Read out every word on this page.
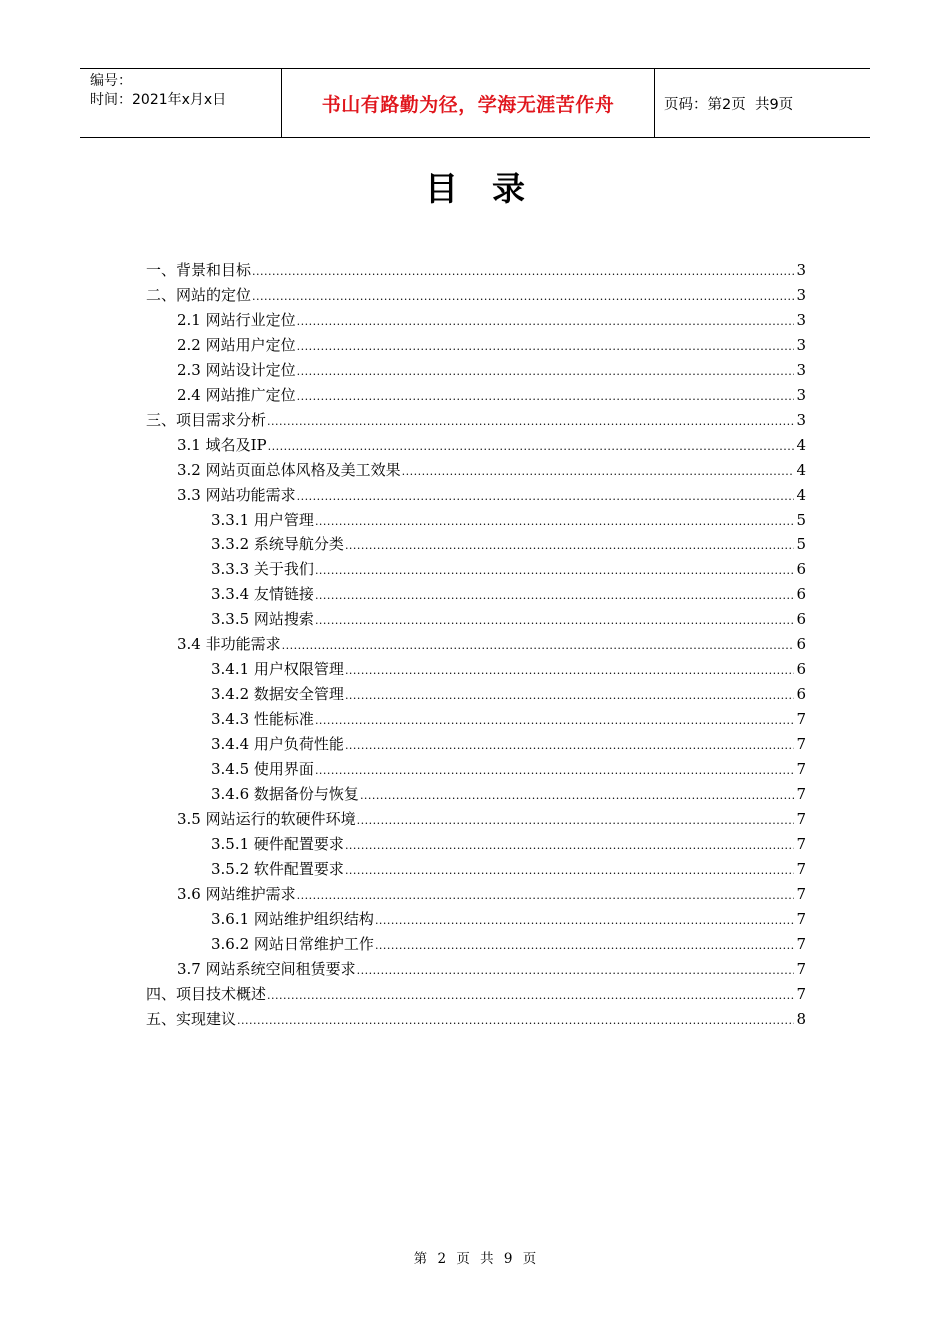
编号：
时间：2021年x月x日	书山有路勤为径，学海无涯苦作舟	页码：第2页  共9页
目 录
一、背景和目标 .....	3
二、网站的定位 .....	3
2.1 网站行业定位 .....	3
2.2 网站用户定位 .....	3
2.3 网站设计定位 .....	3
2.4 网站推广定位 .....	3
三、项目需求分析 .....	3
3.1 域名及IP .....	4
3.2 网站页面总体风格及美工效果 .....	4
3.3 网站功能需求 .....	4
3.3.1 用户管理 .....	5
3.3.2 系统导航分类 .....	5
3.3.3 关于我们 .....	6
3.3.4 友情链接 .....	6
3.3.5 网站搜索 .....	6
3.4 非功能需求 .....	6
3.4.1 用户权限管理 .....	6
3.4.2 数据安全管理 .....	6
3.4.3 性能标准 .....	7
3.4.4 用户负荷性能 .....	7
3.4.5 使用界面 .....	7
3.4.6 数据备份与恢复 .....	7
3.5 网站运行的软硬件环境 .....	7
3.5.1 硬件配置要求 .....	7
3.5.2 软件配置要求 .....	7
3.6 网站维护需求 .....	7
3.6.1 网站维护组织结构 .....	7
3.6.2 网站日常维护工作 .....	7
3.7 网站系统空间租赁要求 .....	7
四、项目技术概述 .....	7
五、实现建议 .....	8
第 2 页 共 9 页
